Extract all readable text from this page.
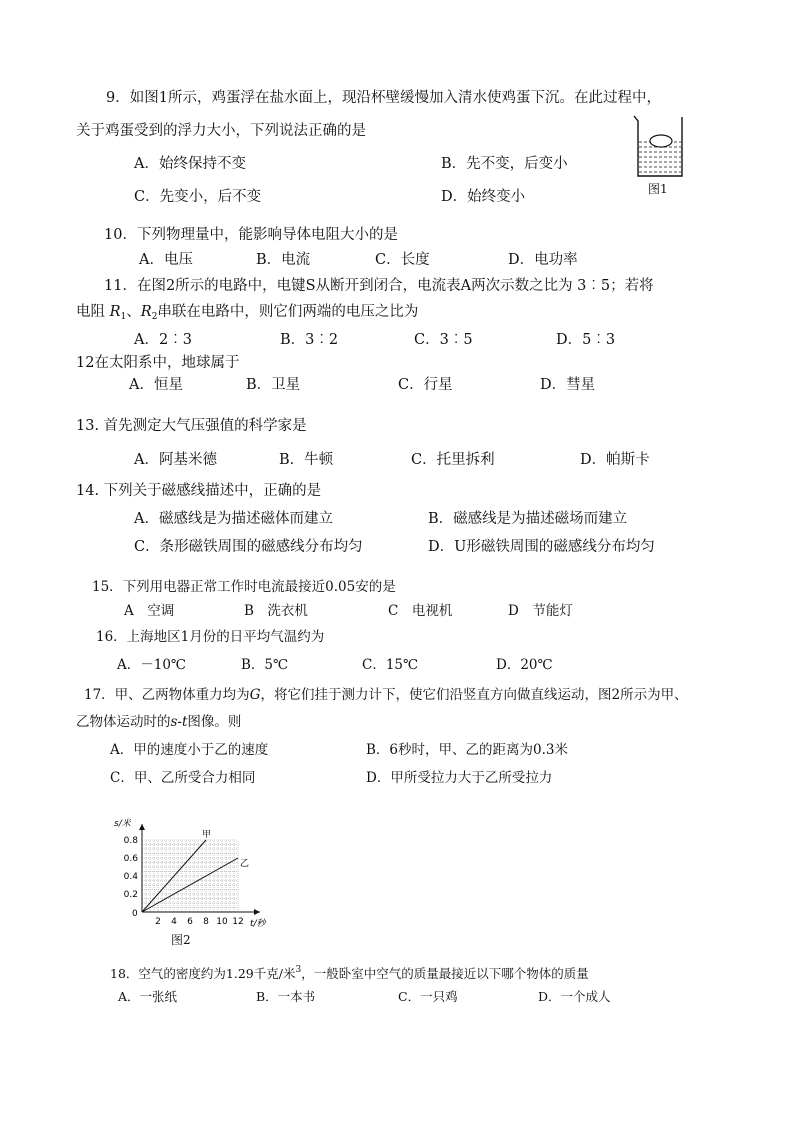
9．如图1所示，鸡蛋浮在盐水面上，现沿杯壁缓慢加入清水使鸡蛋下沉。在此过程中，
关于鸡蛋受到的浮力大小，下列说法正确的是
A．始终保持不变	B．先不变，后变小
C．先变小，后不变	D．始终变小	图1
10．下列物理量中，能影响导体电阻大小的是
A．电压	B．电流	C．长度	D．电功率
11．在图2所示的电路中，电键S从断开到闭合，电流表A两次示数之比为 3︰5；若将
电阻 $R_1$、$R_2$串联在电路中，则它们两端的电压之比为
A．2︰3	B．3︰2	C．3︰5	D．5︰3
12在太阳系中，地球属于
A．恒星	B．卫星	C．行星	D．彗星
13. 首先测定大气压强值的科学家是
A．阿基米德	B．牛顿	C．托里拆利	D．帕斯卡
14. 下列关于磁感线描述中，正确的是
A．磁感线是为描述磁体而建立	B．磁感线是为描述磁场而建立
C．条形磁铁周围的磁感线分布均匀	D．U形磁铁周围的磁感线分布均匀
15．下列用电器正常工作时电流最接近0.05安的是
A　空调	B　洗衣机	C　电视机	D　节能灯
16．上海地区1月份的日平均气温约为
A．－10℃	B．5℃	C．15℃	D．20℃
17．甲、乙两物体重力均为G，将它们挂于测力计下，使它们沿竖直方向做直线运动，图2所示为甲、
乙物体运动时的s-t图像。则
A．甲的速度小于乙的速度	B．6秒时，甲、乙的距离为0.3米
C．甲、乙所受合力相同	D．甲所受拉力大于乙所受拉力
s/米
t/秒
0
2 4 6 8 10 12
0.2
0.4
0.6
0.8
甲
乙
图2
18．空气的密度约为1.29千克/米$^3$，一般卧室中空气的质量最接近以下哪个物体的质量
A．一张纸	B．一本书	C．一只鸡	D．一个成人
